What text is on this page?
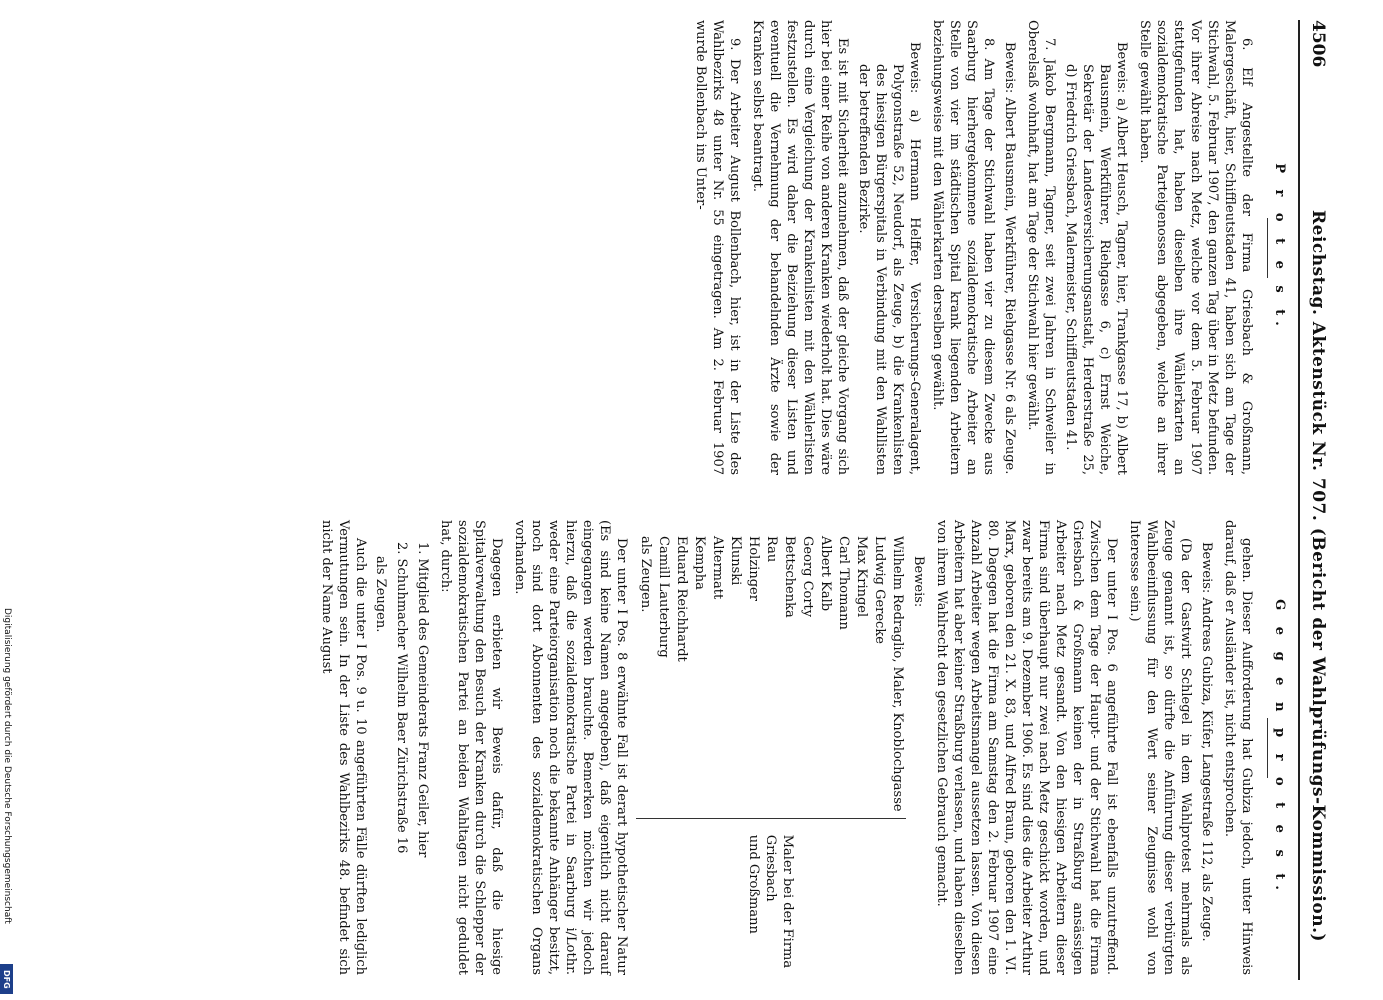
4506
Reichstag. Aktenstück Nr. 707. (Bericht der Wahlprüfungs-Kommission.)
P r o t e s t.

6. Elf Angestellte der Firma Griesbach & Großmann, Malergeschäft, hier, Schiffleutstaden 41, haben sich am Tage der Stichwahl, 5. Februar 1907, den ganzen Tag über in Metz befunden. Vor ihrer Abreise nach Metz, welche vor dem 5. Februar 1907 stattgefunden hat, haben dieselben ihre Wählerkarten an sozialdemokratische Parteigenossen abgegeben, welche an ihrer Stelle gewählt haben.

Beweis: a) Albert Heusch, Tagner, hier, Trankgasse 17, b) Albert Bausmein, Werkführer, Riehgasse 6, c) Ernst Weiche, Sekretär der Landesversicherungsanstalt, Herderstraße 25, d) Friedrich Griesbach, Malermeister, Schiffleutstaden 41.

7. Jakob Bergmann, Tagner, seit zwei Jahren in Schweiler in Oberelsaß wohnhaft, hat am Tage der Stichwahl hier gewählt.

Beweis: Albert Bausmein, Werkführer, Riehgasse Nr. 6 als Zeuge.

8. Am Tage der Stichwahl haben vier zu diesem Zwecke aus Saarburg hierhergekommene sozialdemokratische Arbeiter an Stelle von vier im städtischen Spital krank liegenden Arbeitern beziehungsweise mit den Wählerkarten derselben gewählt.

Beweis: a) Hermann Helffer, Versicherungs-Generalagent, Polygonstraße 52, Neudorf, als Zeuge, b) die Krankenlisten des hiesigen Bürgerspitals in Verbindung mit den Wahllisten der betreffenden Bezirke.

Es ist mit Sicherheit anzunehmen, daß der gleiche Vorgang sich hier bei einer Reihe von anderen Kranken wiederholt hat. Dies wäre durch eine Vergleichung der Krankenlisten mit den Wählerlisten festzustellen. Es wird daher die Beiziehung dieser Listen und eventuell die Vernehmung der behandelnden Ärzte sowie der Kranken selbst beantragt.

9. Der Arbeiter August Bollenbach, hier, ist in der Liste des Wahlbezirks 48 unter Nr. 55 eingetragen. Am 2. Februar 1907 wurde Bollenbach ins Unter-

G e g e n p r o t e s t.

gehen. Dieser Aufforderung hat Gubiza jedoch, unter Hinweis darauf, daß er Ausländer ist, nicht entsprochen.

Beweis: Andreas Gubiza, Küfer, Langestraße 112, als Zeuge.

(Da der Gastwirt Schlegel in dem Wahlprotest mehrmals als Zeuge genannt ist, so dürfte die Anführung dieser verbürgten Wahlbeeinflussung für den Wert seiner Zeugnisse wohl von Interesse sein.)

Der unter I Pos. 6 angeführte Fall ist ebenfalls unzutreffend. Zwischen dem Tage der Haupt- und der Stichwahl hat die Firma Griesbach & Großmann keinen der in Straßburg ansässigen Arbeiter nach Metz gesandt. Von den hiesigen Arbeitern dieser Firma sind überhaupt nur zwei nach Metz geschickt worden, und zwar bereits am 9. Dezember 1906. Es sind dies die Arbeiter Arthur Marx, geboren den 21. X. 83, und Alfred Braun, geboren den 1. VI. 80. Dagegen hat die Firma am Samstag den 2. Februar 1907 eine Anzahl Arbeiter wegen Arbeitsmangel aussetzen lassen. Von diesen Arbeitern hat aber keiner Straßburg verlassen, und haben dieselben von ihrem Wahlrecht den gesetzlichen Gebrauch gemacht.

Beweis:

Wilhelm Redraglio, Maler, Knoblochgasse
Ludwig Gerecke
Max Kringel
Carl Thomann
Albert Kalb
Georg Corty
Bettschenka
Rau
Holzinger
Klunski
Altermatt
Kempha
Eduard Reichhardt
Camill Lauterburg
als Zeugen.

Maler bei der Firma
Griesbach
und Großmann

Der unter I Pos. 8 erwähnte Fall ist derart hypothetischer Natur (Es sind keine Namen angegeben), daß eigentlich nicht darauf eingegangen werden brauchte. Bemerken möchten wir jedoch hierzu, daß die sozialdemokratische Partei in Saarburg i/Lothr. weder eine Parteiorganisation noch die bekannte Anhänger besitzt, noch sind dort Abonnenten des sozialdemokratischen Organs vorhanden.

Dagegen erbieten wir Beweis dafür, daß die hiesige Spitalverwaltung den Besuch der Kranken durch die Schlepper der sozialdemokratischen Partei an beiden Wahltagen nicht geduldet hat, durch:

1. Mitglied des Gemeinderats Franz Geiler, hier

2. Schuhmacher Wilhelm Baer Zürichstraße 16

als Zeugen.

Auch die unter I Pos. 9 u. 10 angeführten Fälle dürften lediglich Vermutungen sein. In der Liste des Wahlbezirks 48. befindet sich nicht der Name August

Digitalisierung gefördert durch die Deutsche Forschungsgemeinschaft
DFG
